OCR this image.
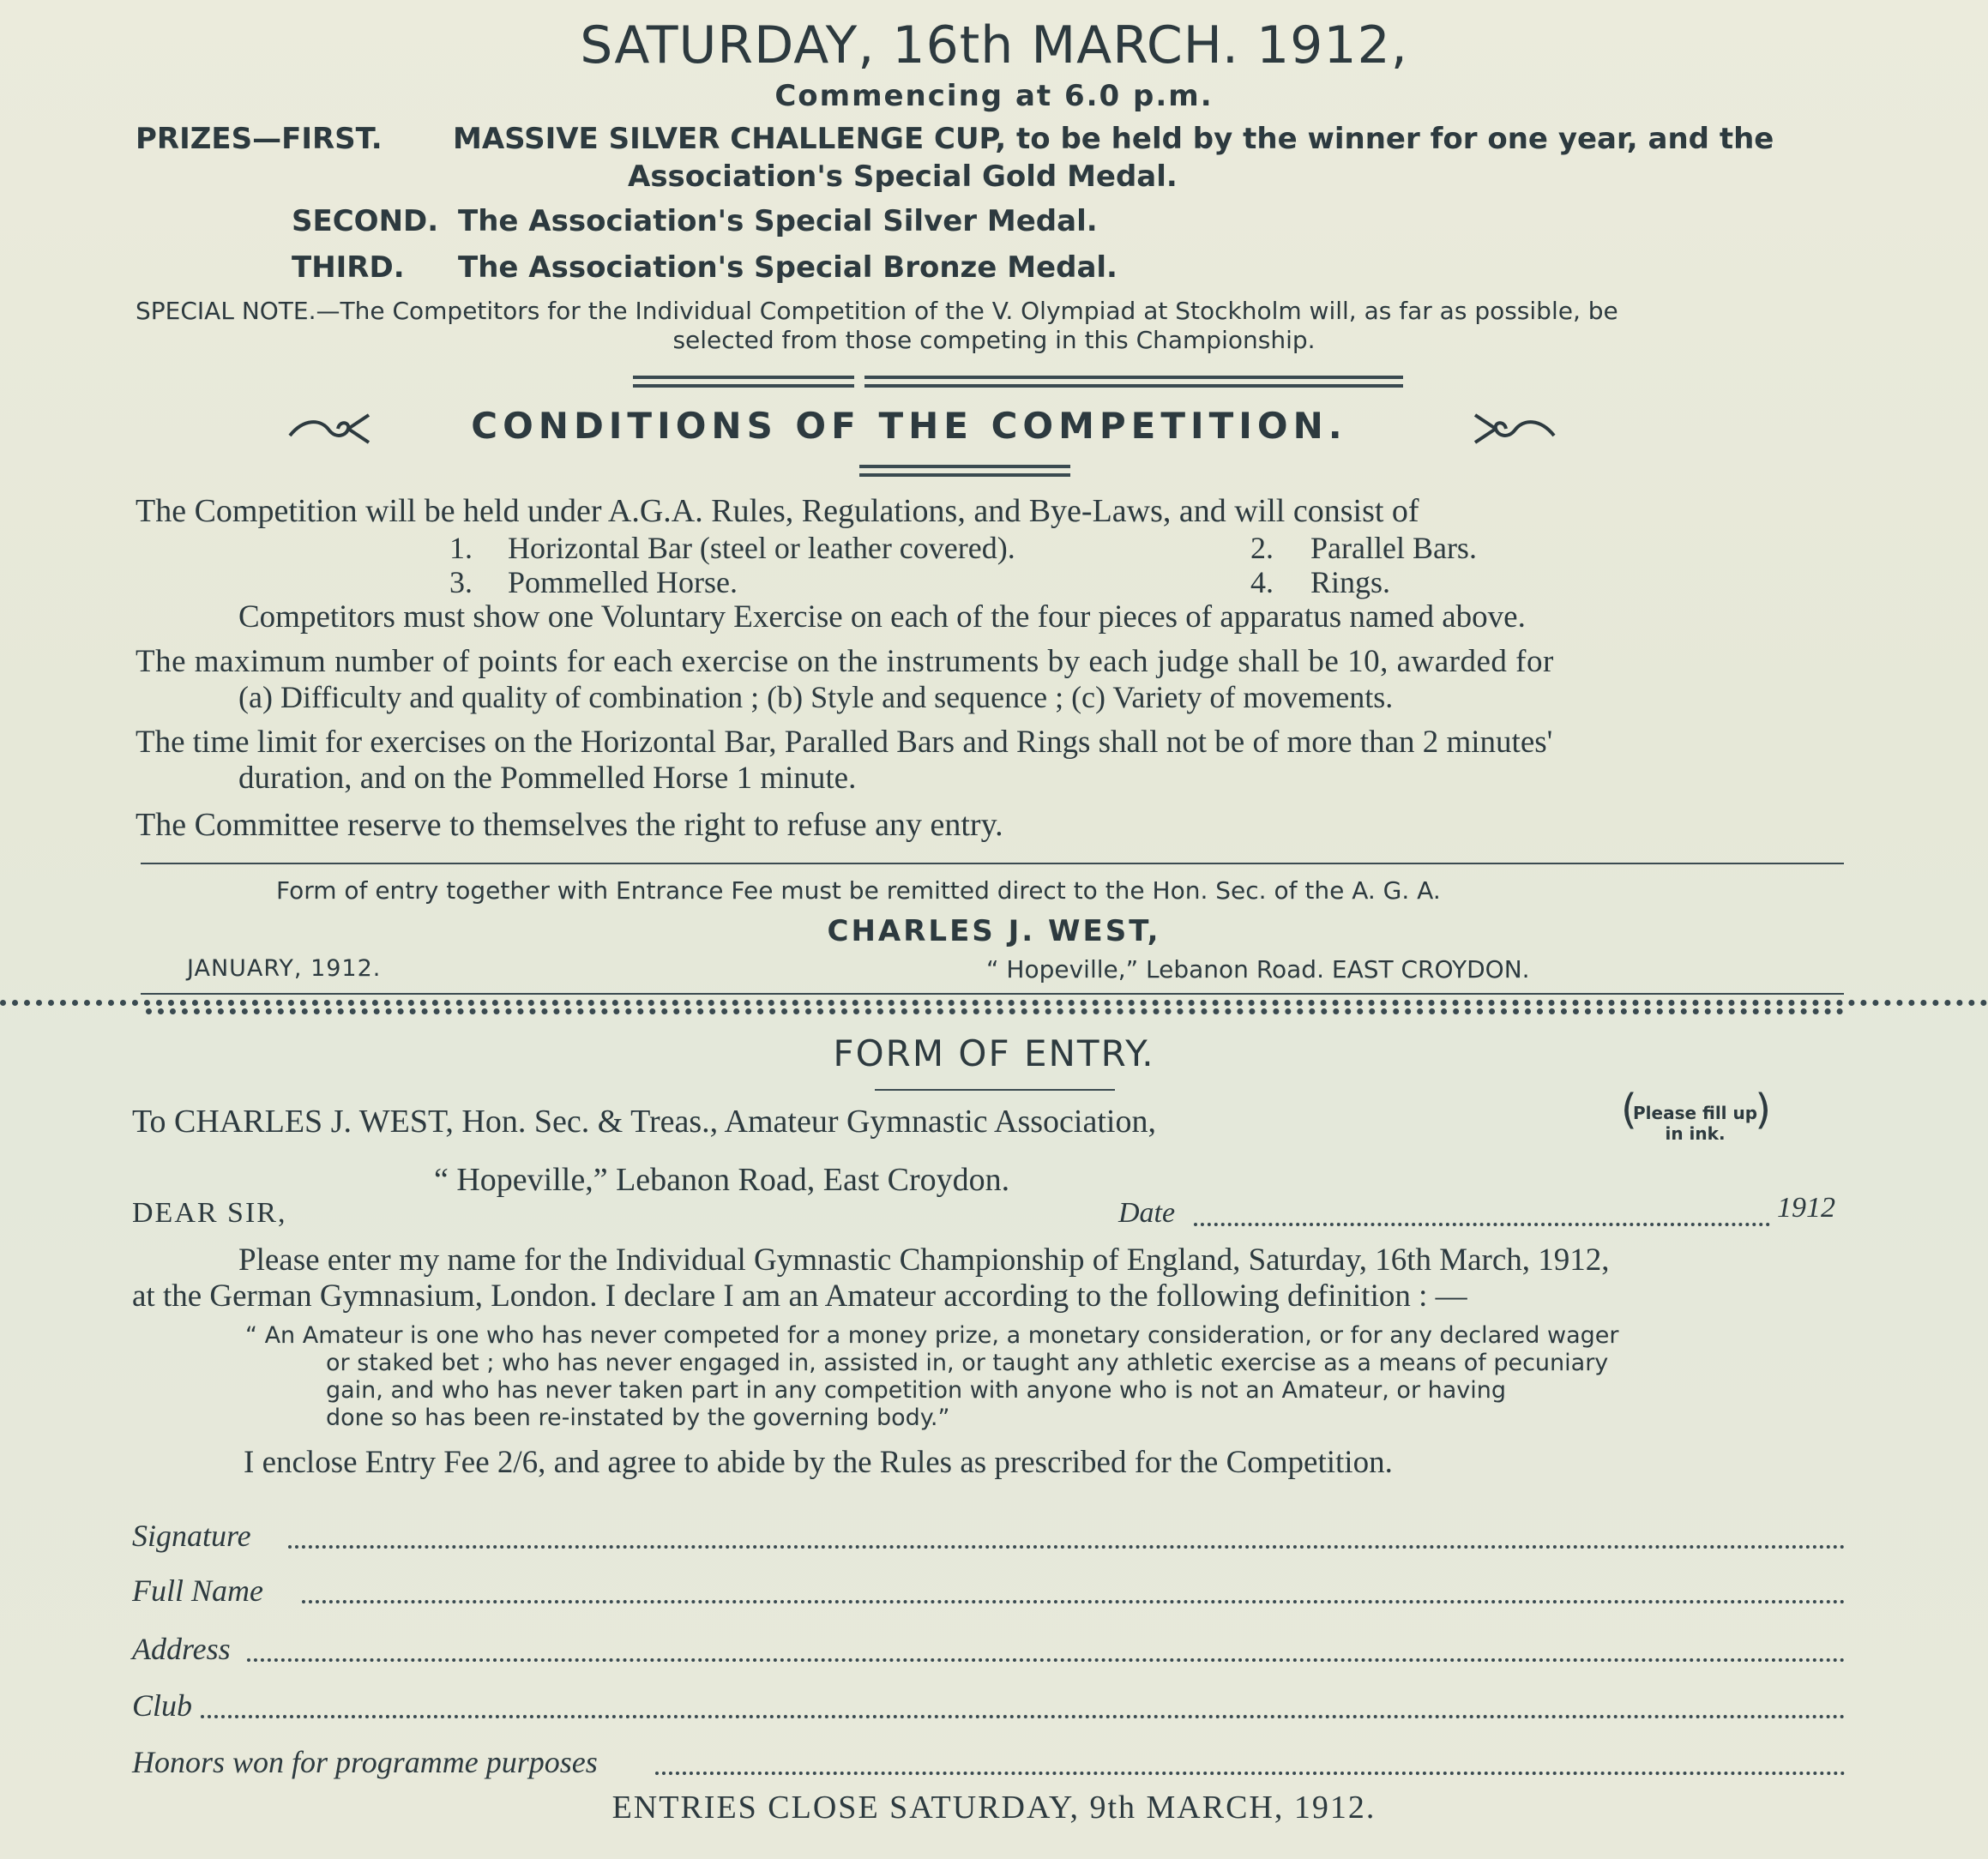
SATURDAY, 16th MARCH. 1912,
Commencing at 6.0 p.m.
PRIZES—FIRST. MASSIVE SILVER CHALLENGE CUP, to be held by the winner for one year, and the
Association's Special Gold Medal.
SECOND. The Association's Special Silver Medal.
THIRD. The Association's Special Bronze Medal.
SPECIAL NOTE.—The Competitors for the Individual Competition of the V. Olympiad at Stockholm will, as far as possible, be
selected from those competing in this Championship.
CONDITIONS OF THE COMPETITION.
The Competition will be held under A.G.A. Rules, Regulations, and Bye-Laws, and will consist of
1. Horizontal Bar (steel or leather covered).	2. Parallel Bars.
3. Pommelled Horse.	4. Rings.
Competitors must show one Voluntary Exercise on each of the four pieces of apparatus named above.
The maximum number of points for each exercise on the instruments by each judge shall be 10, awarded for
(a) Difficulty and quality of combination ; (b) Style and sequence ; (c) Variety of movements.
The time limit for exercises on the Horizontal Bar, Paralled Bars and Rings shall not be of more than 2 minutes'
duration, and on the Pommelled Horse 1 minute.
The Committee reserve to themselves the right to refuse any entry.
Form of entry together with Entrance Fee must be remitted direct to the Hon. Sec. of the A. G. A.
CHARLES J. WEST,
JANUARY, 1912.	“ Hopeville,” Lebanon Road. EAST CROYDON.
FORM OF ENTRY.
To CHARLES J. WEST, Hon. Sec. & Treas., Amateur Gymnastic Association,	(
Please fill up
in ink. )
“ Hopeville,” Lebanon Road, East Croydon.
DEAR SIR,	Date	1912
Please enter my name for the Individual Gymnastic Championship of England, Saturday, 16th March, 1912,
at the German Gymnasium, London. I declare I am an Amateur according to the following definition : —
“ An Amateur is one who has never competed for a money prize, a monetary consideration, or for any declared wager
or staked bet ; who has never engaged in, assisted in, or taught any athletic exercise as a means of pecuniary
gain, and who has never taken part in any competition with anyone who is not an Amateur, or having
done so has been re-instated by the governing body.”
I enclose Entry Fee 2/6, and agree to abide by the Rules as prescribed for the Competition.
Signature
Full Name
Address
Club
Honors won for programme purposes
ENTRIES CLOSE SATURDAY, 9th MARCH, 1912.
